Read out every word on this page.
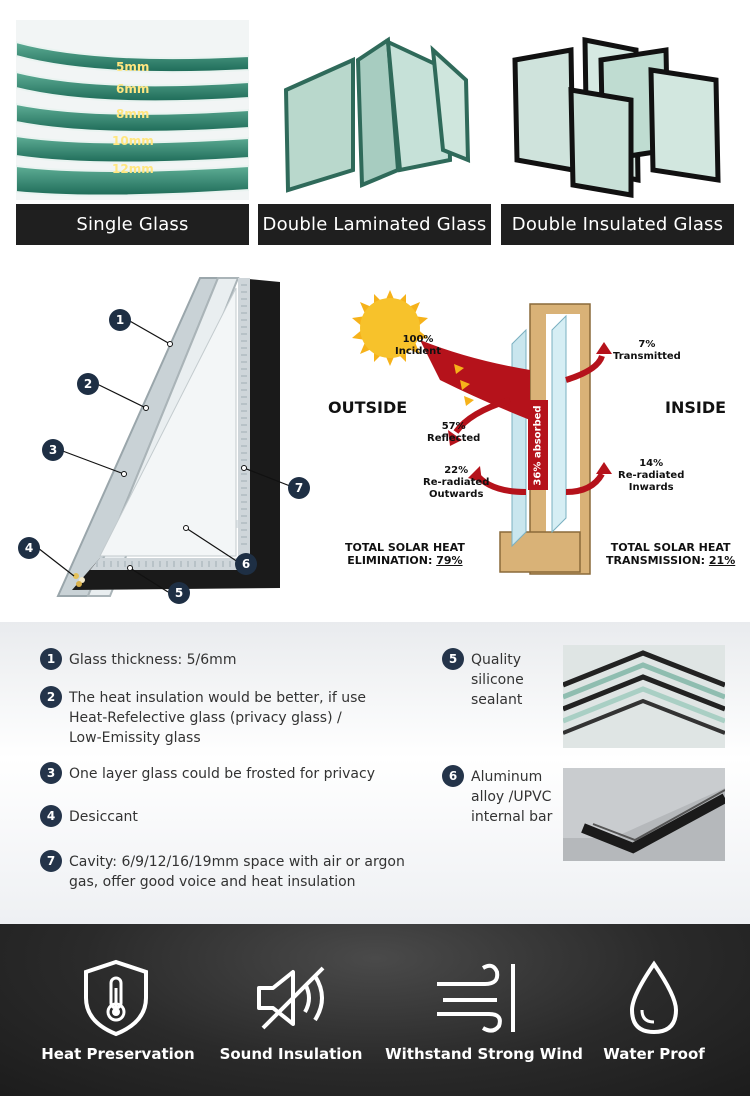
5mm
6mm
8mm
10mm
12mm
Single Glass	Double Laminated Glass	Double Insulated Glass
1
2
3
4
5
6
7
100%
Incident
7%
Transmitted
OUTSIDE	INSIDE
57%
Reflected
22%
Re-radiated
Outwards
14%
Re-radiated
Inwards
36% absorbed
TOTAL SOLAR HEAT
ELIMINATION: 79%
TOTAL SOLAR HEAT
TRANSMISSION: 21%
1 Glass thickness: 5/6mm
2 The heat insulation would be better, if use
Heat-Refelective glass (privacy glass) /
Low-Emissity glass
3 One layer glass could be frosted for privacy
4 Desiccant
7 Cavity: 6/9/12/16/19mm space with air or argon
gas, offer good voice and heat insulation
5 Quality
silicone
sealant
6 Aluminum
alloy /UPVC
internal bar
Heat Preservation	Sound Insulation	Withstand Strong Wind	Water Proof
